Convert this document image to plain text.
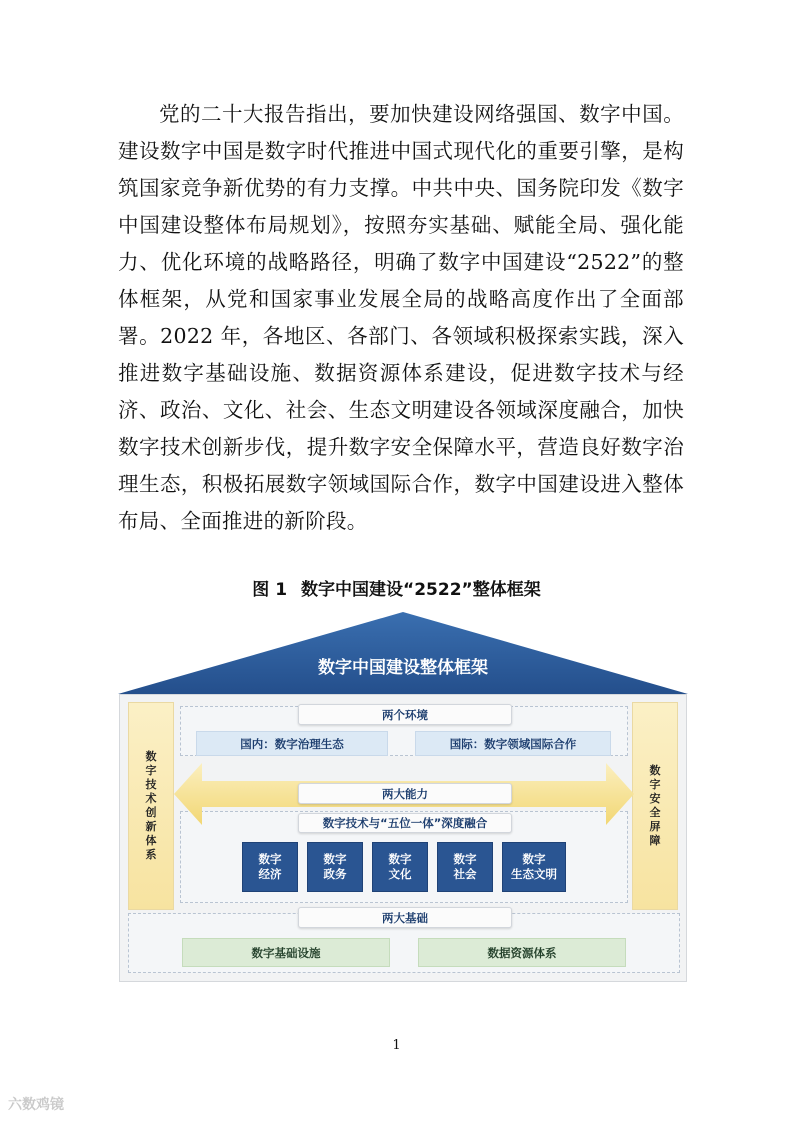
党的二十大报告指出，要加快建设网络强国、数字中国。建设数字中国是数字时代推进中国式现代化的重要引擎，是构筑国家竞争新优势的有力支撑。中共中央、国务院印发《数字中国建设整体布局规划》，按照夯实基础、赋能全局、强化能力、优化环境的战略路径，明确了数字中国建设“2522”的整体框架，从党和国家事业发展全局的战略高度作出了全面部署。2022 年，各地区、各部门、各领域积极探索实践，深入推进数字基础设施、数据资源体系建设，促进数字技术与经济、政治、文化、社会、生态文明建设各领域深度融合，加快数字技术创新步伐，提升数字安全保障水平，营造良好数字治理生态，积极拓展数字领域国际合作，数字中国建设进入整体布局、全面推进的新阶段。

图 1 数字中国建设“2522”整体框架
数字中国建设整体框架
数字技术创新体系
数字安全屏障
两个环境
国内：数字治理生态	国际：数字领域国际合作
两大能力
数字技术与“五位一体”深度融合
数字
经济
数字
政务
数字
文化
数字
社会
数字
生态文明
两大基础
数字基础设施	数据资源体系
1
六数鸡镜
